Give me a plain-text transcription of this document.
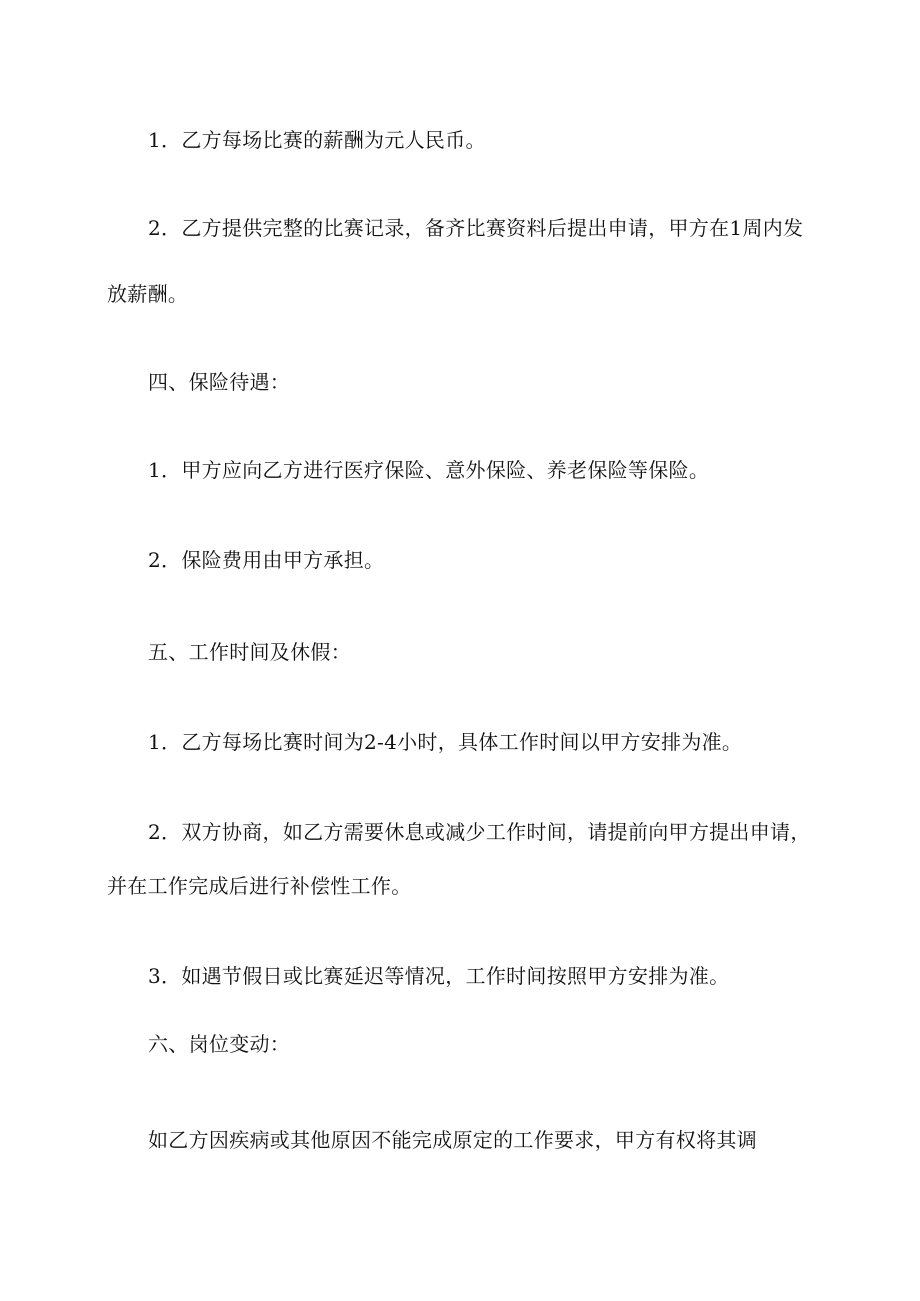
1．乙方每场比赛的薪酬为元人民币。
2．乙方提供完整的比赛记录，备齐比赛资料后提出申请，甲方在1周内发
放薪酬。
四、保险待遇：
1．甲方应向乙方进行医疗保险、意外保险、养老保险等保险。
2．保险费用由甲方承担。
五、工作时间及休假：
1．乙方每场比赛时间为2-4小时，具体工作时间以甲方安排为准。
2．双方协商，如乙方需要休息或减少工作时间，请提前向甲方提出申请，
并在工作完成后进行补偿性工作。
3．如遇节假日或比赛延迟等情况，工作时间按照甲方安排为准。
六、岗位变动：
如乙方因疾病或其他原因不能完成原定的工作要求，甲方有权将其调
